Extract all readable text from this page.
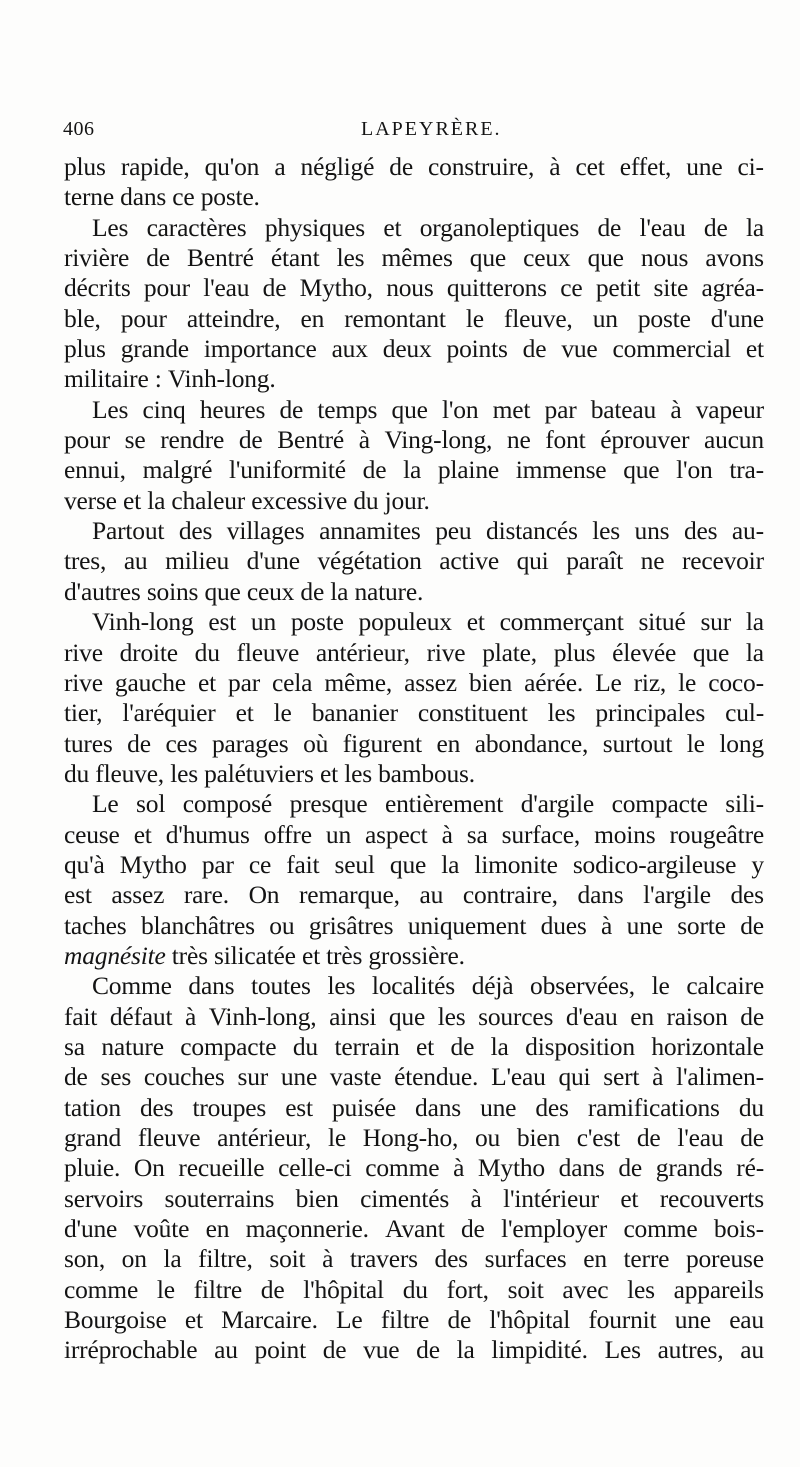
406	LAPEYRÈRE.
plus rapide, qu'on a négligé de construire, à cet effet, une ci-
terne
dans
ce
poste.
Les caractères physiques et organoleptiques de l'eau de la
rivière de Bentré étant les mêmes que ceux que nous avons
décrits pour l'eau de Mytho, nous quitterons ce petit site agréa-
ble, pour atteindre, en remontant le fleuve, un poste d'une
plus grande importance aux deux points de vue commercial et
militaire
:
Vinh-long.
Les cinq heures de temps que l'on met par bateau à vapeur
pour se rendre de Bentré à Ving-long, ne font éprouver aucun
ennui, malgré l'uniformité de la plaine immense que l'on tra-
verse
et
la
chaleur
excessive
du
jour.
Partout des villages annamites peu distancés les uns des au-
tres, au milieu d'une végétation active qui paraît ne recevoir
d'autres
soins
que
ceux
de
la
nature.
Vinh-long est un poste populeux et commerçant situé sur la
rive droite du fleuve antérieur, rive plate, plus élevée que la
rive gauche et par cela même, assez bien aérée. Le riz, le coco-
tier, l'aréquier et le bananier constituent les principales cul-
tures de ces parages où figurent en abondance, surtout le long
du
fleuve,
les
palétuviers
et
les
bambous.
Le sol composé presque entièrement d'argile compacte sili-
ceuse et d'humus offre un aspect à sa surface, moins rougeâtre
qu'à Mytho par ce fait seul que la limonite sodico-argileuse y
est assez rare. On remarque, au contraire, dans l'argile des
taches blanchâtres ou grisâtres uniquement dues à une sorte de
magnésite
très
silicatée
et
très
grossière.
Comme dans toutes les localités déjà observées, le calcaire
fait défaut à Vinh-long, ainsi que les sources d'eau en raison de
sa nature compacte du terrain et de la disposition horizontale
de ses couches sur une vaste étendue. L'eau qui sert à l'alimen-
tation des troupes est puisée dans une des ramifications du
grand fleuve antérieur, le Hong-ho, ou bien c'est de l'eau de
pluie. On recueille celle-ci comme à Mytho dans de grands ré-
servoirs souterrains bien cimentés à l'intérieur et recouverts
d'une voûte en maçonnerie. Avant de l'employer comme bois-
son, on la filtre, soit à travers des surfaces en terre poreuse
comme le filtre de l'hôpital du fort, soit avec les appareils
Bourgoise et Marcaire. Le filtre de l'hôpital fournit une eau
irréprochable au point de vue de la limpidité. Les autres, au
